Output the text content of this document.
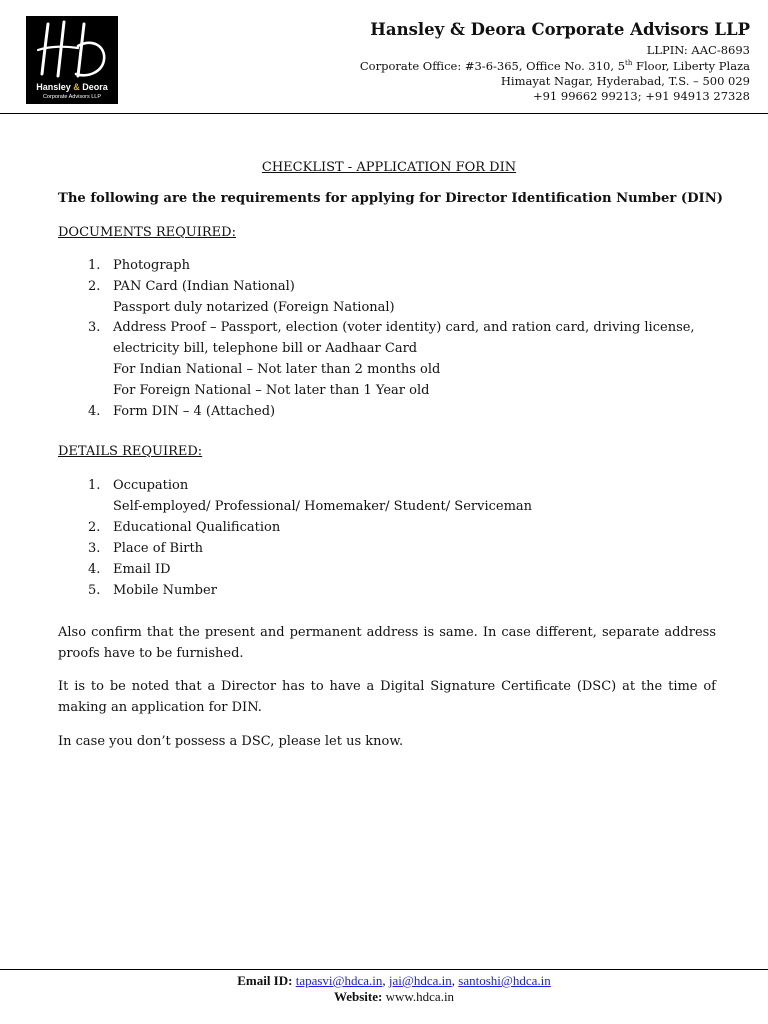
Hansley & Deora
Corporate Advisors LLP
Hansley & Deora Corporate Advisors LLP
LLPIN: AAC-8693
Corporate Office: #3-6-365, Office No. 310, 5th Floor, Liberty Plaza
Himayat Nagar, Hyderabad, T.S. – 500 029
+91 99662 99213; +91 94913 27328
CHECKLIST - APPLICATION FOR DIN
The following are the requirements for applying for Director Identification Number (DIN)
DOCUMENTS REQUIRED:
1. Photograph
2. PAN Card (Indian National)
Passport duly notarized (Foreign National)
3. Address Proof – Passport, election (voter identity) card, and ration card, driving license,
electricity bill, telephone bill or Aadhaar Card
For Indian National – Not later than 2 months old
For Foreign National – Not later than 1 Year old
4. Form DIN – 4 (Attached)
DETAILS REQUIRED:
1. Occupation
Self-employed/ Professional/ Homemaker/ Student/ Serviceman
2. Educational Qualification
3. Place of Birth
4. Email ID
5. Mobile Number
Also confirm that the present and permanent address is same. In case different, separate address proofs have to be furnished.
It is to be noted that a Director has to have a Digital Signature Certificate (DSC) at the time of making an application for DIN.
In case you don’t possess a DSC, please let us know.
Email ID: tapasvi@hdca.in, jai@hdca.in, santoshi@hdca.in
Website: www.hdca.in
